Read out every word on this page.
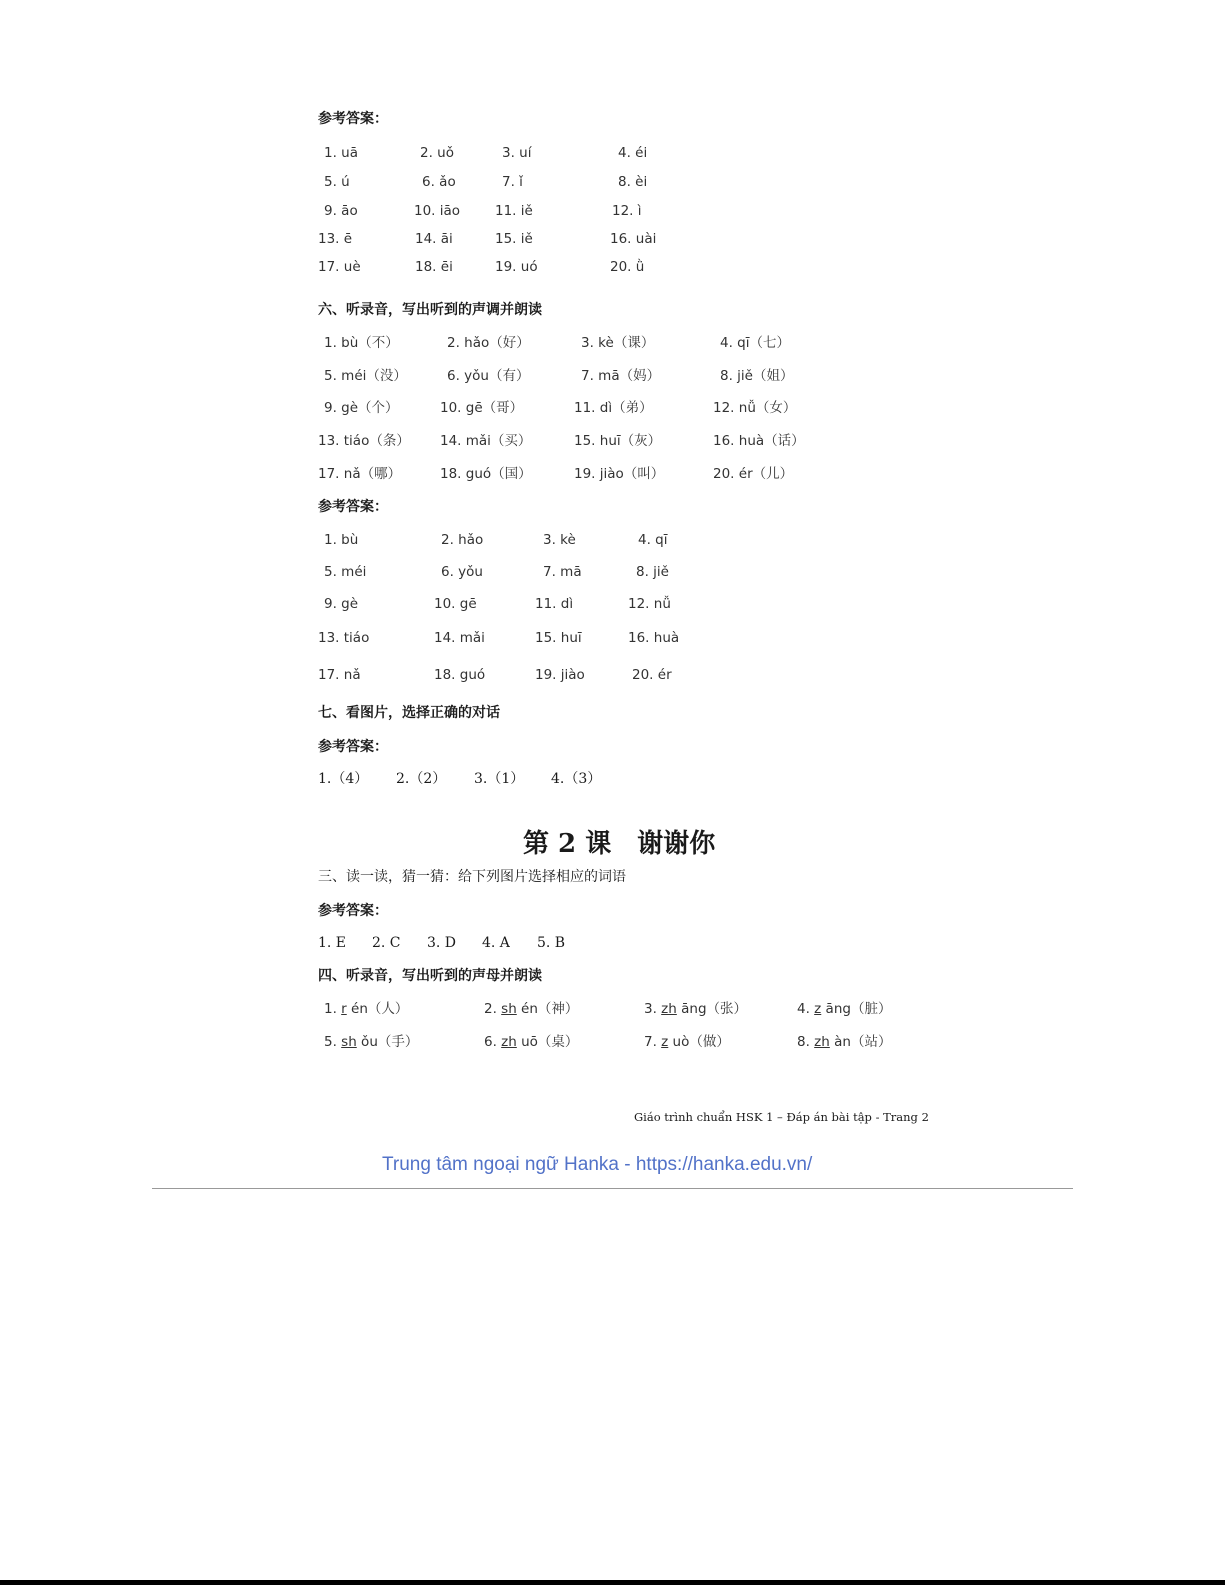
参考答案：
1. uā	2. uǒ	3. uí	4. éi
5. ú	6. ǎo	7. ǐ	8. èi
9. āo	10. iāo	11. iě	12. ì
13. ē	14. āi	15. iě	16. uài
17. uè	18. ēi	19. uó	20. ǜ
六、听录音，写出听到的声调并朗读
1. bù（不）	2. hǎo（好）	3. kè（课）	4. qī（七）
5. méi（没）	6. yǒu（有）	7. mā（妈）	8. jiě（姐）
9. gè（个）	10. gē（哥）	11. dì（弟）	12. nǚ（女）
13. tiáo（条） 14. mǎi（买）	15. huī（灰）	16. huà（话）
17. nǎ（哪）	18. guó（国）	19. jiào（叫）	20. ér（儿）
参考答案：
1. bù	2. hǎo	3. kè	4. qī
5. méi	6. yǒu	7. mā	8. jiě
9. gè	10. gē	11. dì	12. nǚ
13. tiáo	14. mǎi	15. huī	16. huà
17. nǎ	18. guó	19. jiào	20. ér
七、看图片，选择正确的对话
参考答案：
1.（4） 2.（2） 3.（1） 4.（3）
第 2 课　谢谢你
三、读一读，猜一猜：给下列图片选择相应的词语
参考答案：
1. E 2. C 3. D 4. A 5. B
四、听录音，写出听到的声母并朗读
1. r én（人）	2. sh én（神）	3. zh āng（张）	4. z āng（脏）
5. sh ǒu（手）	6. zh uō（桌）	7. z uò（做）	8. zh àn（站）
Giáo trình chuẩn HSK 1 – Đáp án bài tập - Trang 2
Trung tâm ngoại ngữ Hanka - https://hanka.edu.vn/
